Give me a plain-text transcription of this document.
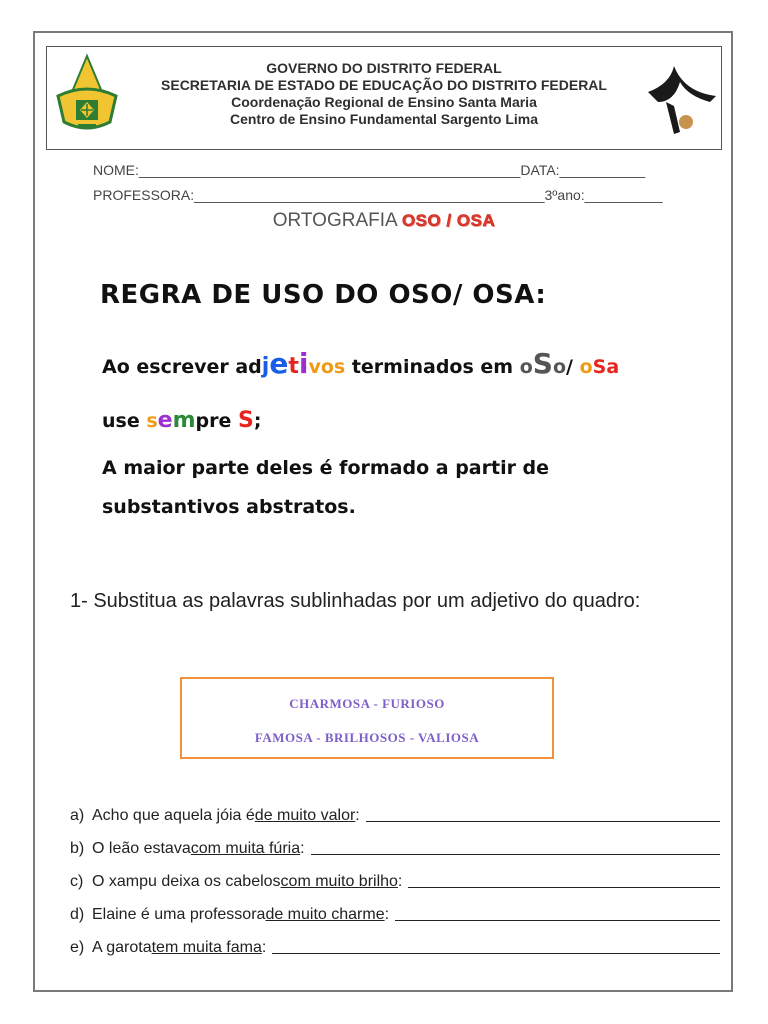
GOVERNO DO DISTRITO FEDERAL
SECRETARIA DE ESTADO DE EDUCAÇÃO DO DISTRITO FEDERAL
Coordenação Regional de Ensino Santa Maria
Centro de Ensino Fundamental Sargento Lima
NOME:_________________________________________________DATA:___________
PROFESSORA:_____________________________________________3ºano:__________
ORTOGRAFIA OSO / OSA
REGRA DE USO DO OSO/ OSA:
Ao escrever adjetivos terminados em oSo/ oSa
use sempre S;
A maior parte deles é formado a partir de
substantivos abstratos.
1- Substitua as palavras sublinhadas por um adjetivo do quadro:
CHARMOSA - FURIOSO
FAMOSA - BRILHOSOS - VALIOSA
a) Acho que aquela jóia é de muito valor :
b) O leão estava com muita fúria :
c) O xampu deixa os cabelos com muito brilho :
d) Elaine é uma professora de muito charme :
e) A garota tem muita fama :
